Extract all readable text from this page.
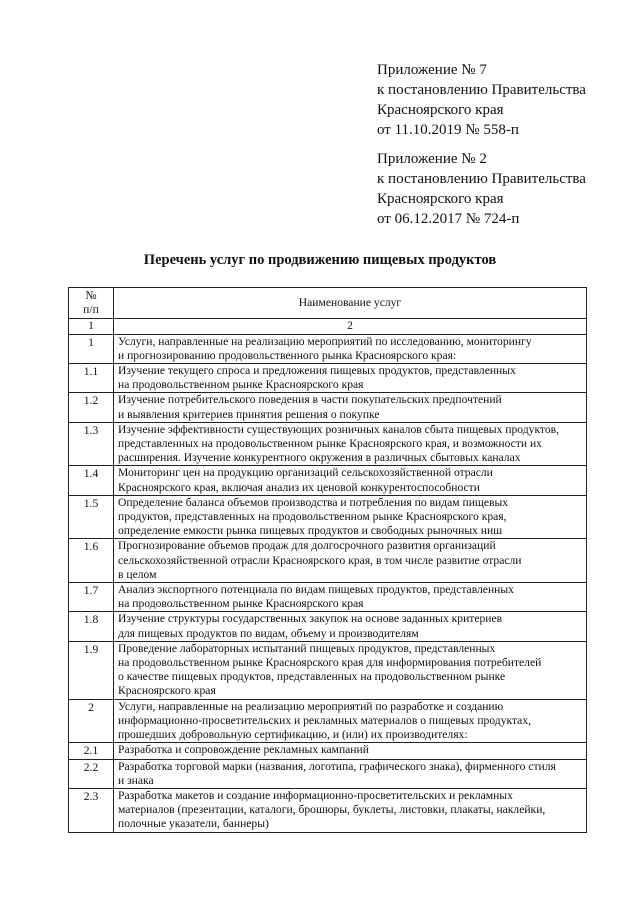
Приложение № 7
к постановлению Правительства
Красноярского края
от 11.10.2019 № 558-п
Приложение № 2
к постановлению Правительства
Красноярского края
от 06.12.2017 № 724-п
Перечень услуг по продвижению пищевых продуктов
№
п/п	Наименование услуг
1	2
1	Услуги, направленные на реализацию мероприятий по исследованию, мониторингу
и прогнозированию продовольственного рынка Красноярского края:

1.1	Изучение текущего спроса и предложения пищевых продуктов, представленных
на продовольственном рынке Красноярского края

1.2	Изучение потребительского поведения в части покупательских предпочтений
и выявления критериев принятия решения о покупке

1.3	Изучение эффективности существующих розничных каналов сбыта пищевых продуктов,
представленных на продовольственном рынке Красноярского края, и возможности их
расширения. Изучение конкурентного окружения в различных сбытовых каналах

1.4	Мониторинг цен на продукцию организаций сельскохозяйственной отрасли
Красноярского края, включая анализ их ценовой конкурентоспособности

1.5	Определение баланса объемов производства и потребления по видам пищевых
продуктов, представленных на продовольственном рынке Красноярского края,
определение емкости рынка пищевых продуктов и свободных рыночных ниш

1.6	Прогнозирование объемов продаж для долгосрочного развития организаций
сельскохозяйственной отрасли Красноярского края, в том числе развитие отрасли
в целом

1.7	Анализ экспортного потенциала по видам пищевых продуктов, представленных
на продовольственном рынке Красноярского края

1.8	Изучение структуры государственных закупок на основе заданных критериев
для пищевых продуктов по видам, объему и производителям

1.9	Проведение лабораторных испытаний пищевых продуктов, представленных
на продовольственном рынке Красноярского края для информирования потребителей
о качестве пищевых продуктов, представленных на продовольственном рынке
Красноярского края

2	Услуги, направленные на реализацию мероприятий по разработке и созданию
информационно-просветительских и рекламных материалов о пищевых продуктах,
прошедших добровольную сертификацию, и (или) их производителях:

2.1	Разработка и сопровождение рекламных кампаний

2.2	Разработка торговой марки (названия, логотипа, графического знака), фирменного стиля
и знака

2.3	Разработка макетов и создание информационно-просветительских и рекламных
материалов (презентации, каталоги, брошюры, буклеты, листовки, плакаты, наклейки,
полочные указатели, баннеры)
